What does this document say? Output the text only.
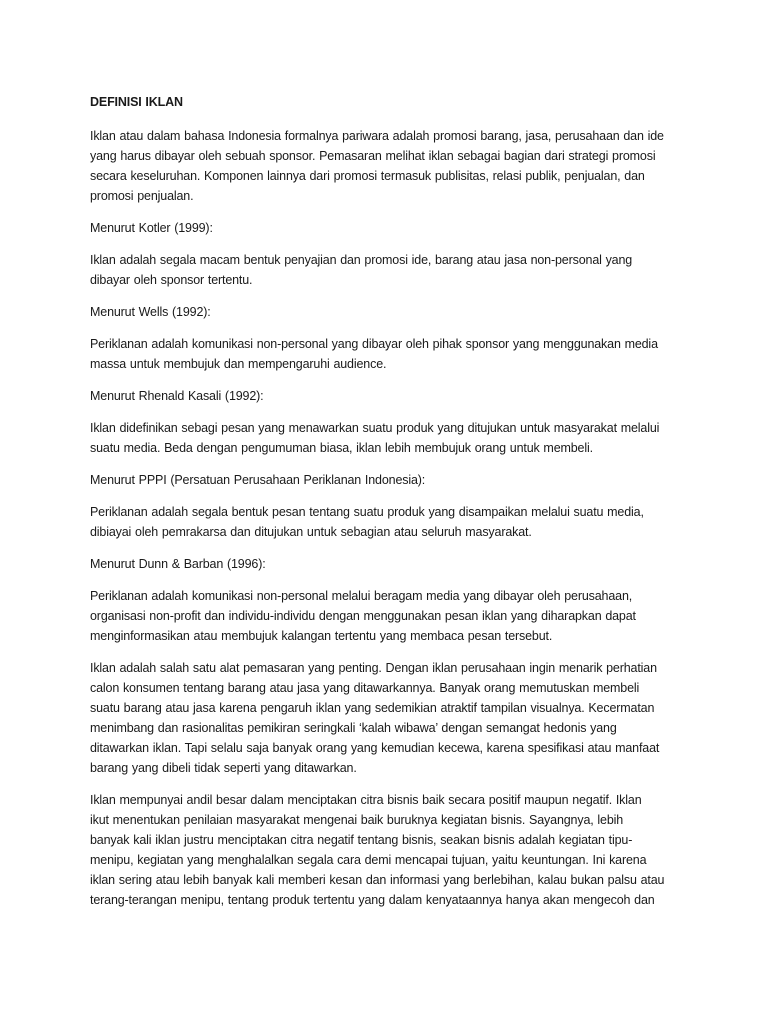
DEFINISI IKLAN

Iklan atau dalam bahasa Indonesia formalnya pariwara adalah promosi barang, jasa, perusahaan dan ide
yang harus dibayar oleh sebuah sponsor. Pemasaran melihat iklan sebagai bagian dari strategi promosi
secara keseluruhan. Komponen lainnya dari promosi termasuk publisitas, relasi publik, penjualan, dan
promosi penjualan.

Menurut Kotler (1999):

Iklan adalah segala macam bentuk penyajian dan promosi ide, barang atau jasa non-personal yang
dibayar oleh sponsor tertentu.

Menurut Wells (1992):

Periklanan adalah komunikasi non-personal yang dibayar oleh pihak sponsor yang menggunakan media
massa untuk membujuk dan mempengaruhi audience.

Menurut Rhenald Kasali (1992):

Iklan didefinikan sebagi pesan yang menawarkan suatu produk yang ditujukan untuk masyarakat melalui
suatu media. Beda dengan pengumuman biasa, iklan lebih membujuk orang untuk membeli.

Menurut PPPI (Persatuan Perusahaan Periklanan Indonesia):

Periklanan adalah segala bentuk pesan tentang suatu produk yang disampaikan melalui suatu media,
dibiayai oleh pemrakarsa dan ditujukan untuk sebagian atau seluruh masyarakat.

Menurut Dunn & Barban (1996):

Periklanan adalah komunikasi non-personal melalui beragam media yang dibayar oleh perusahaan,
organisasi non-profit dan individu-individu dengan menggunakan pesan iklan yang diharapkan dapat
menginformasikan atau membujuk kalangan tertentu yang membaca pesan tersebut.

Iklan adalah salah satu alat pemasaran yang penting. Dengan iklan perusahaan ingin menarik perhatian
calon konsumen tentang barang atau jasa yang ditawarkannya. Banyak orang memutuskan membeli
suatu barang atau jasa karena pengaruh iklan yang sedemikian atraktif tampilan visualnya. Kecermatan
menimbang dan rasionalitas pemikiran seringkali ‘kalah wibawa’ dengan semangat hedonis yang
ditawarkan iklan. Tapi selalu saja banyak orang yang kemudian kecewa, karena spesifikasi atau manfaat
barang yang dibeli tidak seperti yang ditawarkan.

Iklan mempunyai andil besar dalam menciptakan citra bisnis baik secara positif maupun negatif. Iklan
ikut menentukan penilaian masyarakat mengenai baik buruknya kegiatan bisnis. Sayangnya, lebih
banyak kali iklan justru menciptakan citra negatif tentang bisnis, seakan bisnis adalah kegiatan tipu-
menipu, kegiatan yang menghalalkan segala cara demi mencapai tujuan, yaitu keuntungan. Ini karena
iklan sering atau lebih banyak kali memberi kesan dan informasi yang berlebihan, kalau bukan palsu atau
terang-terangan menipu, tentang produk tertentu yang dalam kenyataannya hanya akan mengecoh dan
